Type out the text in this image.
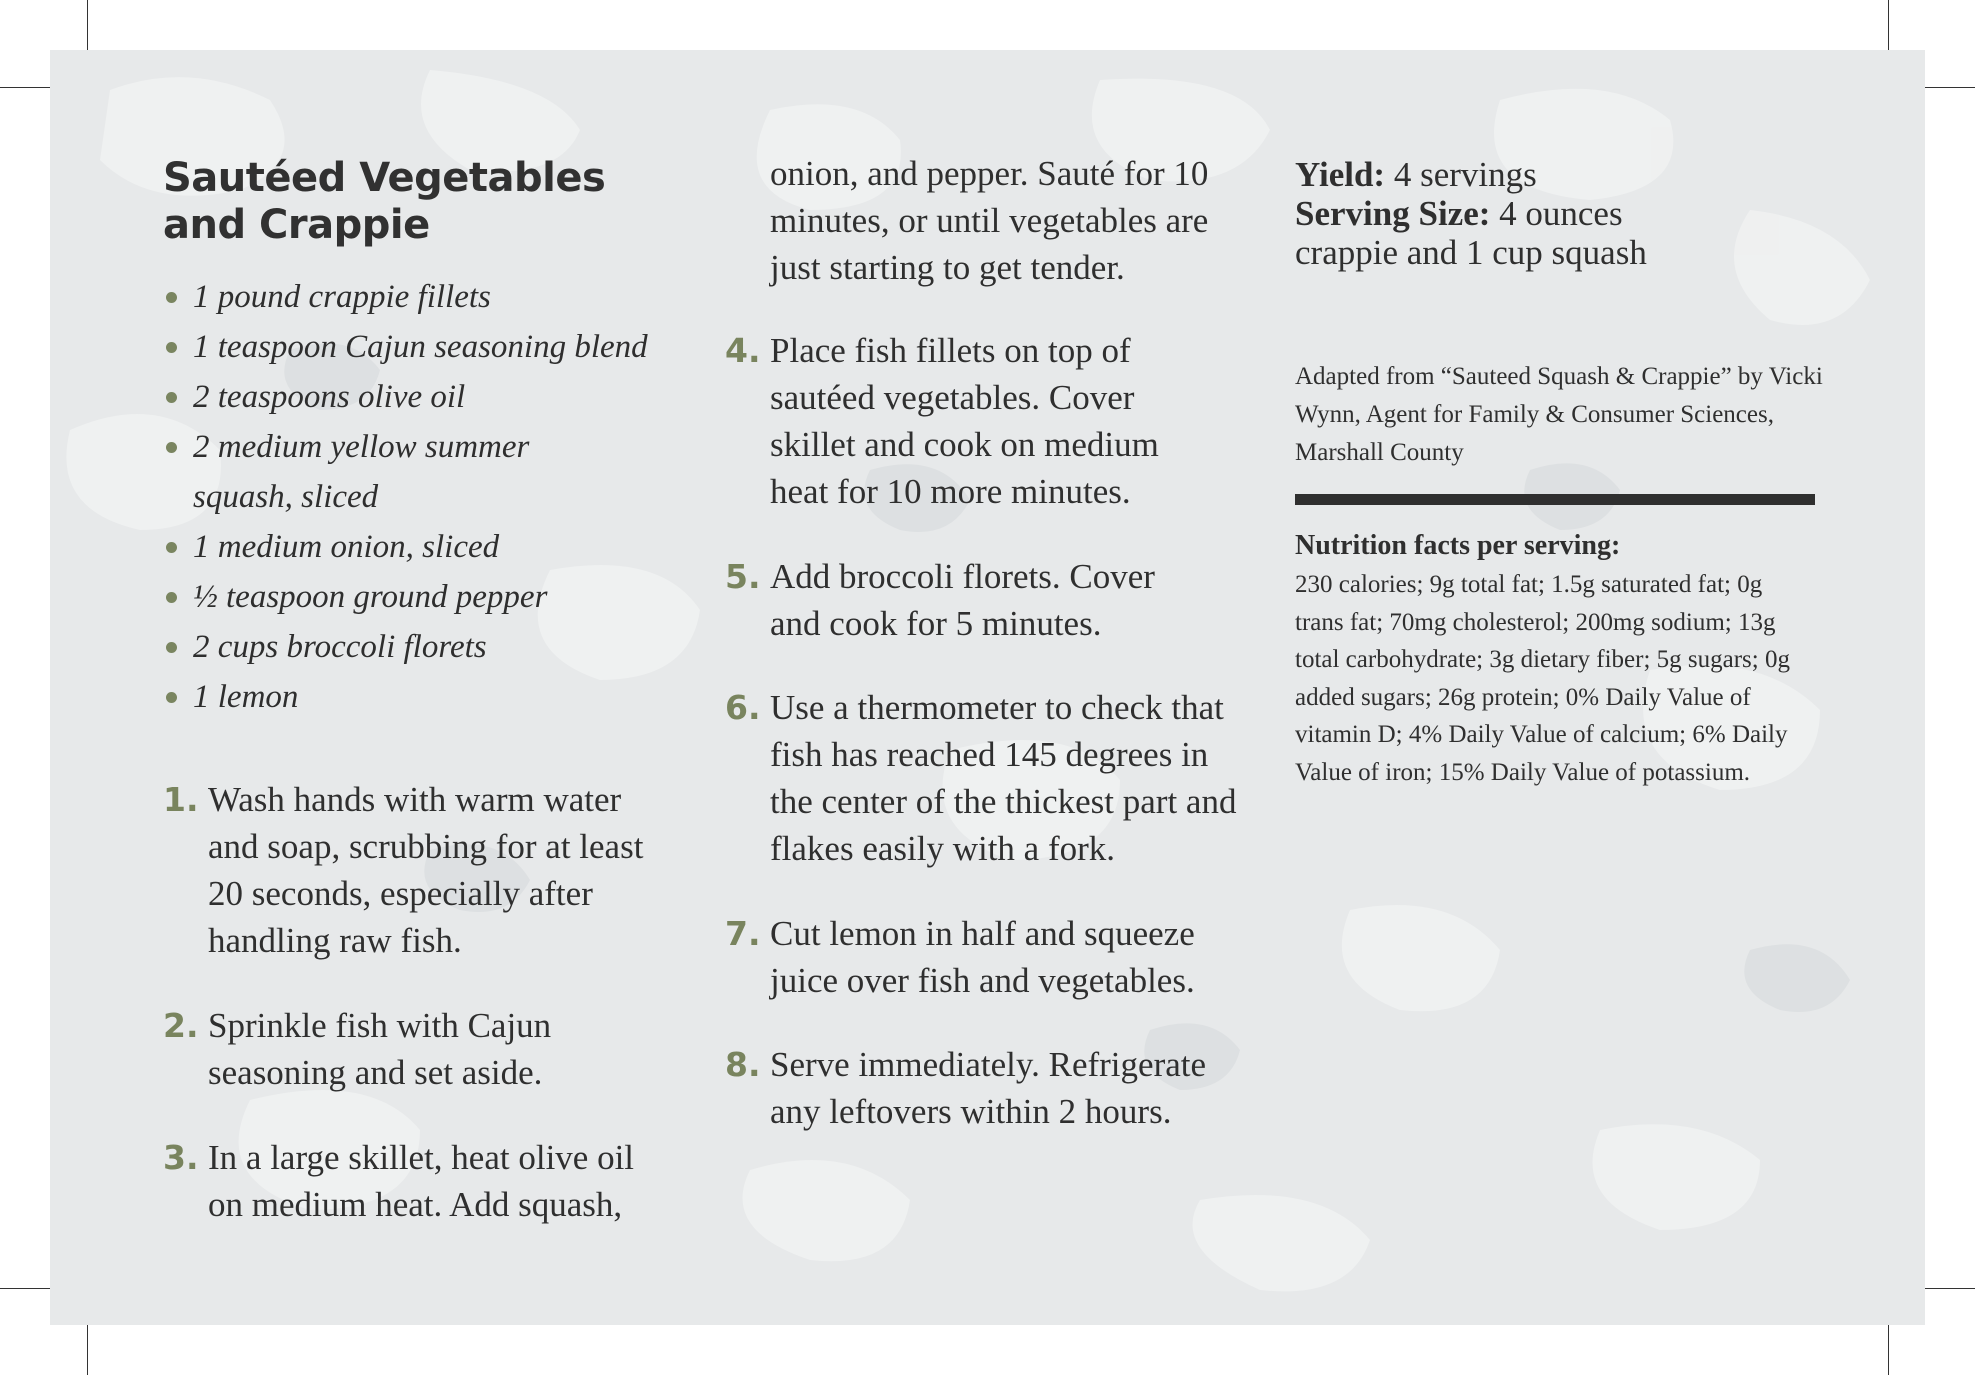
Sautéed Vegetables and Crappie
1 pound crappie fillets
1 teaspoon Cajun seasoning blend
2 teaspoons olive oil
2 medium yellow summer squash, sliced
1 medium onion, sliced
½ teaspoon ground pepper
2 cups broccoli florets
1 lemon
1. Wash hands with warm water and soap, scrubbing for at least 20 seconds, especially after handling raw fish.
2. Sprinkle fish with Cajun seasoning and set aside.
3. In a large skillet, heat olive oil on medium heat. Add squash,
onion, and pepper. Sauté for 10 minutes, or until vegetables are just starting to get tender.
4. Place fish fillets on top of sautéed vegetables. Cover skillet and cook on medium heat for 10 more minutes.
5. Add broccoli florets. Cover and cook for 5 minutes.
6. Use a thermometer to check that fish has reached 145 degrees in the center of the thickest part and flakes easily with a fork.
7. Cut lemon in half and squeeze juice over fish and vegetables.
8. Serve immediately. Refrigerate any leftovers within 2 hours.
Yield: 4 servings
Serving Size: 4 ounces crappie and 1 cup squash
Adapted from “Sauteed Squash & Crappie” by Vicki Wynn, Agent for Family & Consumer Sciences, Marshall County
Nutrition facts per serving:
230 calories; 9g total fat; 1.5g saturated fat; 0g trans fat; 70mg cholesterol; 200mg sodium; 13g total carbohydrate; 3g dietary fiber; 5g sugars; 0g added sugars; 26g protein; 0% Daily Value of vitamin D; 4% Daily Value of calcium; 6% Daily Value of iron; 15% Daily Value of potassium.
